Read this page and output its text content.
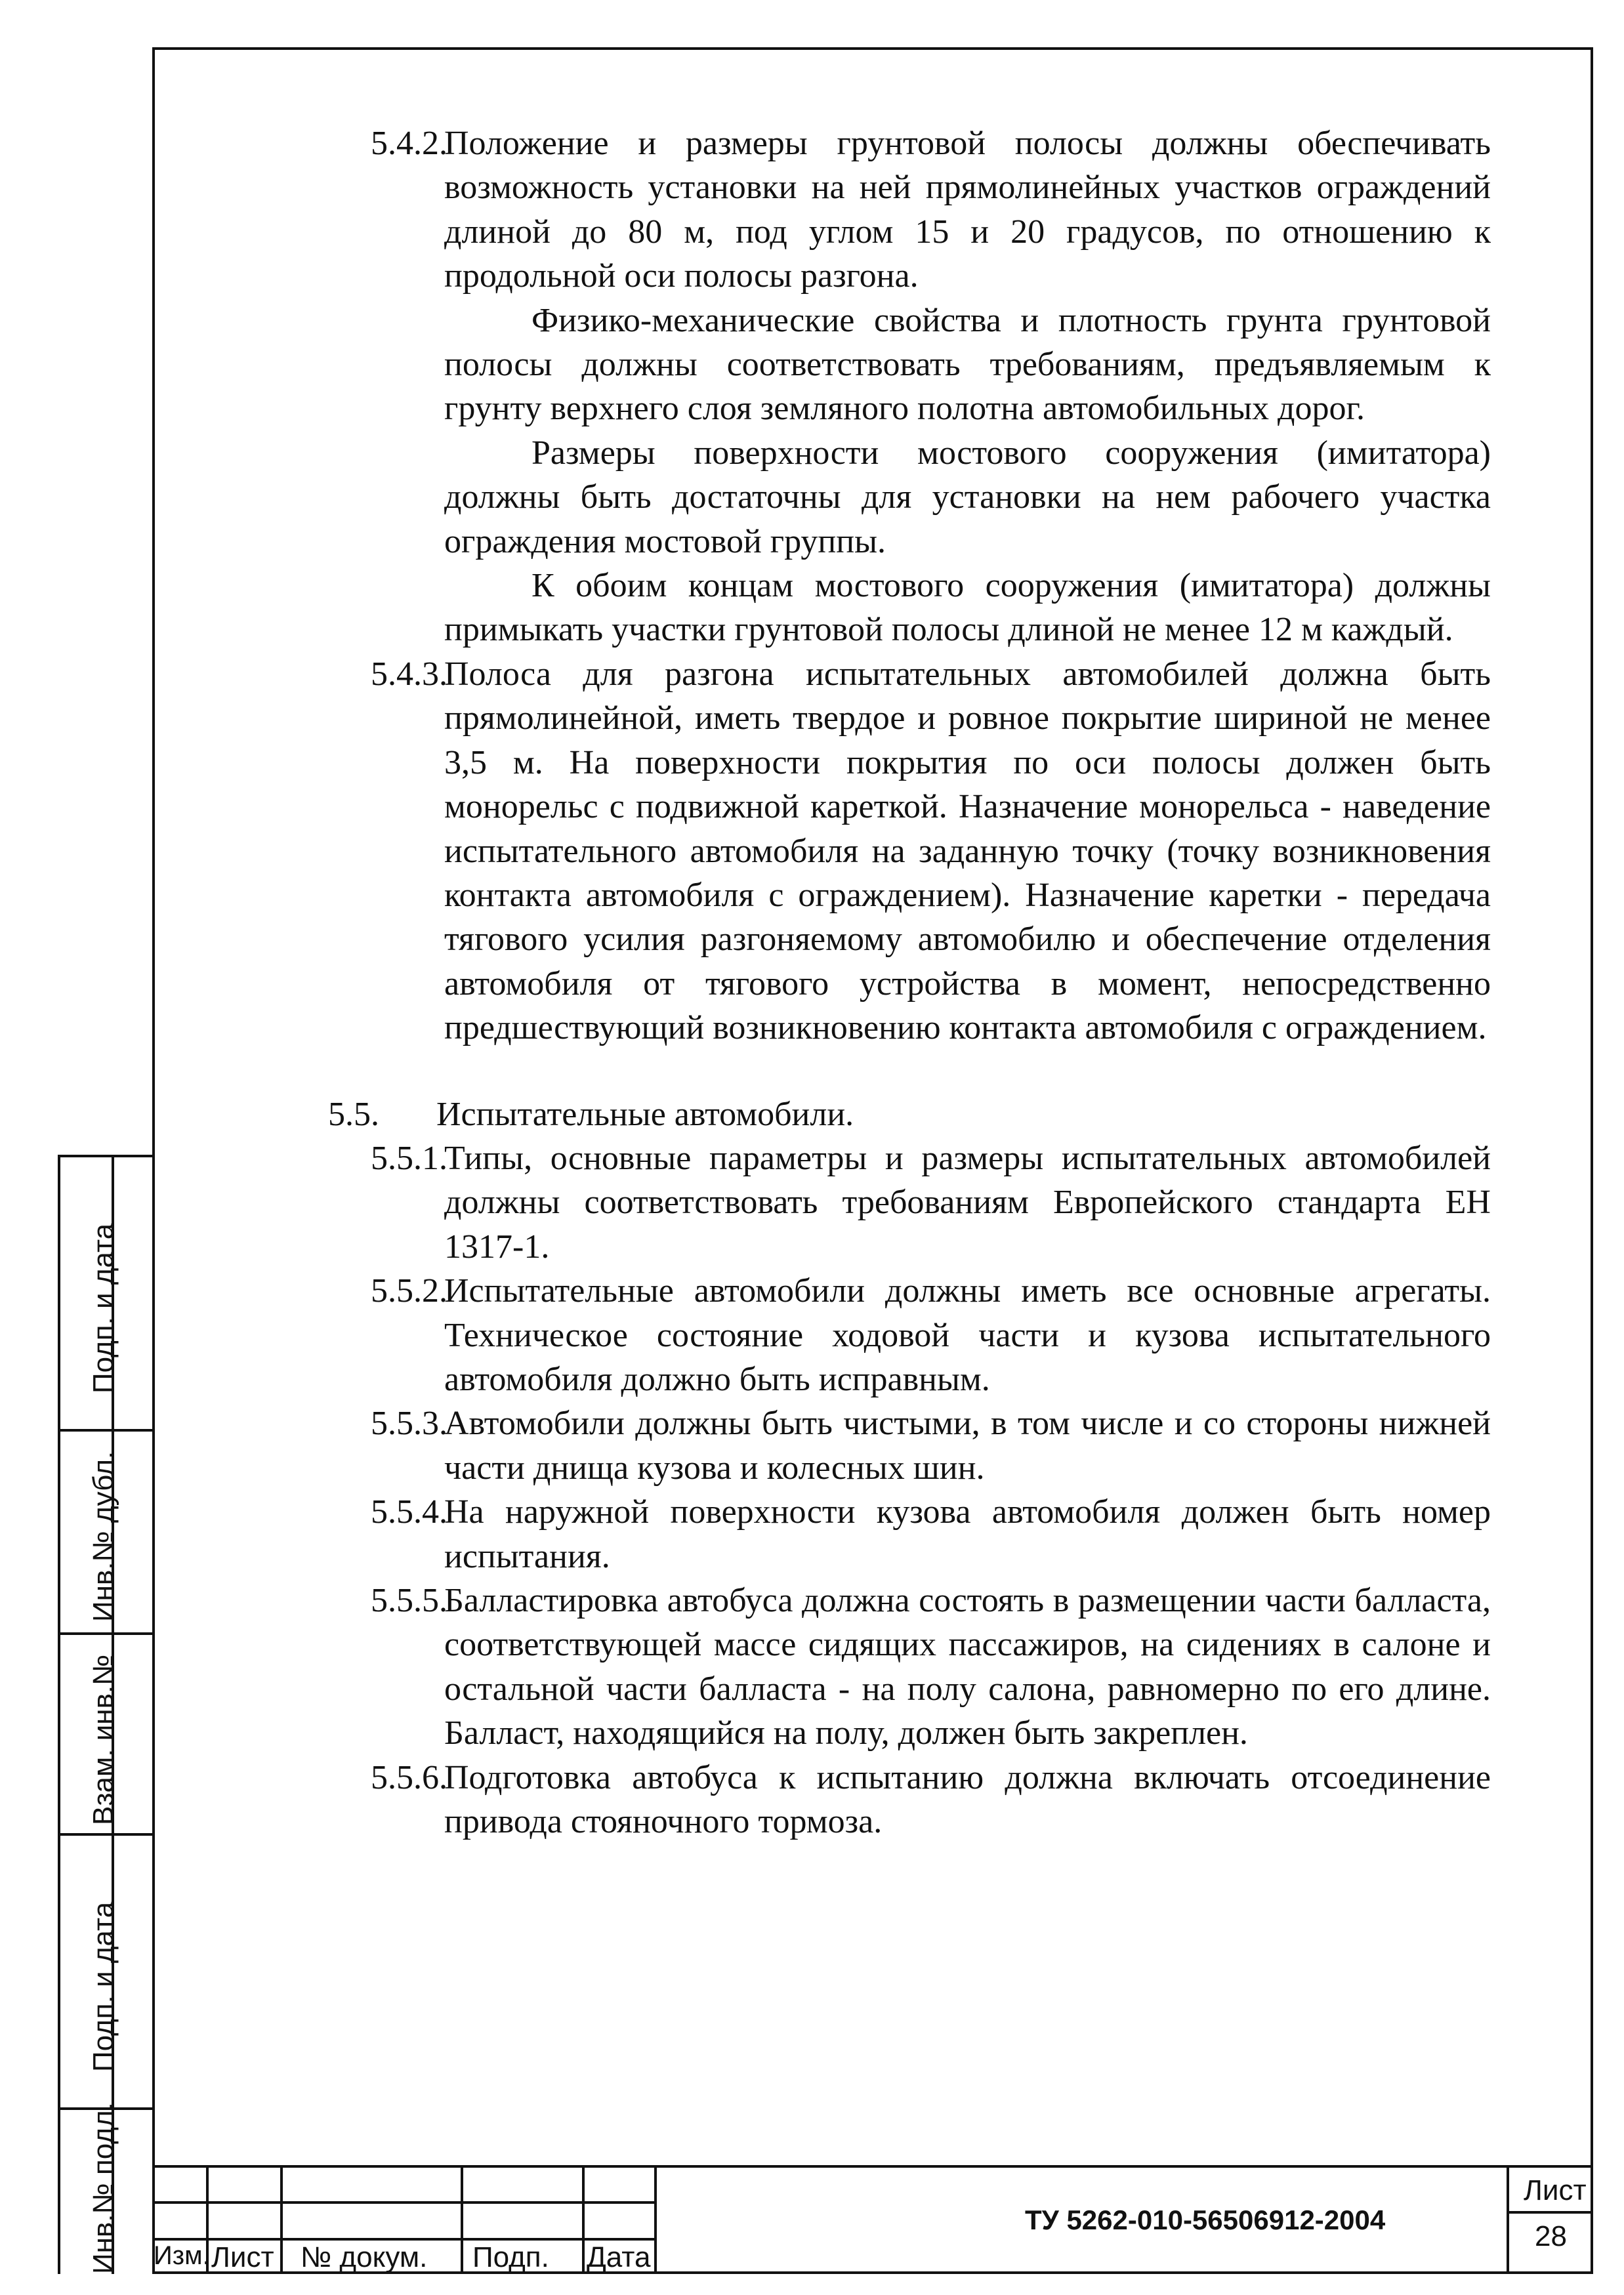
5.4.2.
Положение и размеры грунтовой полосы должны обеспечивать возможность установки на ней прямолинейных участков ограждений длиной до 80 м, под углом 15 и 20 градусов, по отношению к продольной оси полосы разгона.

Физико-механические свойства и плотность грунта грунтовой полосы должны соответствовать требованиям, предъявляемым к грунту верхнего слоя земляного полотна автомобильных дорог.

Размеры поверхности мостового сооружения (имитатора) должны быть достаточны для установки на нем рабочего участка ограждения мостовой группы.

К обоим концам мостового сооружения (имитатора) должны примыкать участки грунтовой полосы длиной не менее 12 м каждый.

5.4.3.
Полоса для разгона испытательных автомобилей должна быть прямолинейной, иметь твердое и ровное покрытие шириной не менее 3,5 м. На поверхности покрытия по оси полосы должен быть монорельс с подвижной кареткой. Назначение монорельса - наведение испытательного автомобиля на заданную точку (точку возникновения контакта автомобиля с ограждением). Назначение каретки - передача тягового усилия разгоняемому автомобилю и обеспечение отделения автомобиля от тягового устройства в момент, непосредственно предшествующий возникновению контакта автомобиля с ограждением.

5.5. Испытательные автомобили.

5.5.1.
Типы, основные параметры и размеры испытательных автомобилей должны соответствовать требованиям Европейского стандарта ЕН 1317-1.

5.5.2.
Испытательные автомобили должны иметь все основные агрегаты. Техническое состояние ходовой части и кузова испытательного автомобиля должно быть исправным.

5.5.3.
Автомобили должны быть чистыми, в том числе и со стороны нижней части днища кузова и колесных шин.

5.5.4.
На наружной поверхности кузова автомобиля должен быть номер испытания.

5.5.5.
Балластировка автобуса должна состоять в размещении части балласта, соответствующей массе сидящих пассажиров, на сидениях в салоне и остальной части балласта - на полу салона, равномерно по его длине. Балласт, находящийся на полу, должен быть закреплен.

5.5.6.
Подготовка автобуса к испытанию должна включать отсоединение привода стояночного тормоза.

Подп. и дата
Инв.№ дубл.
Взам. инв.№
Подп. и дата
Инв.№ подл. Изм. Лист № докум. Подп. Дата
ТУ 5262-010-56506912-2004
Лист
28
